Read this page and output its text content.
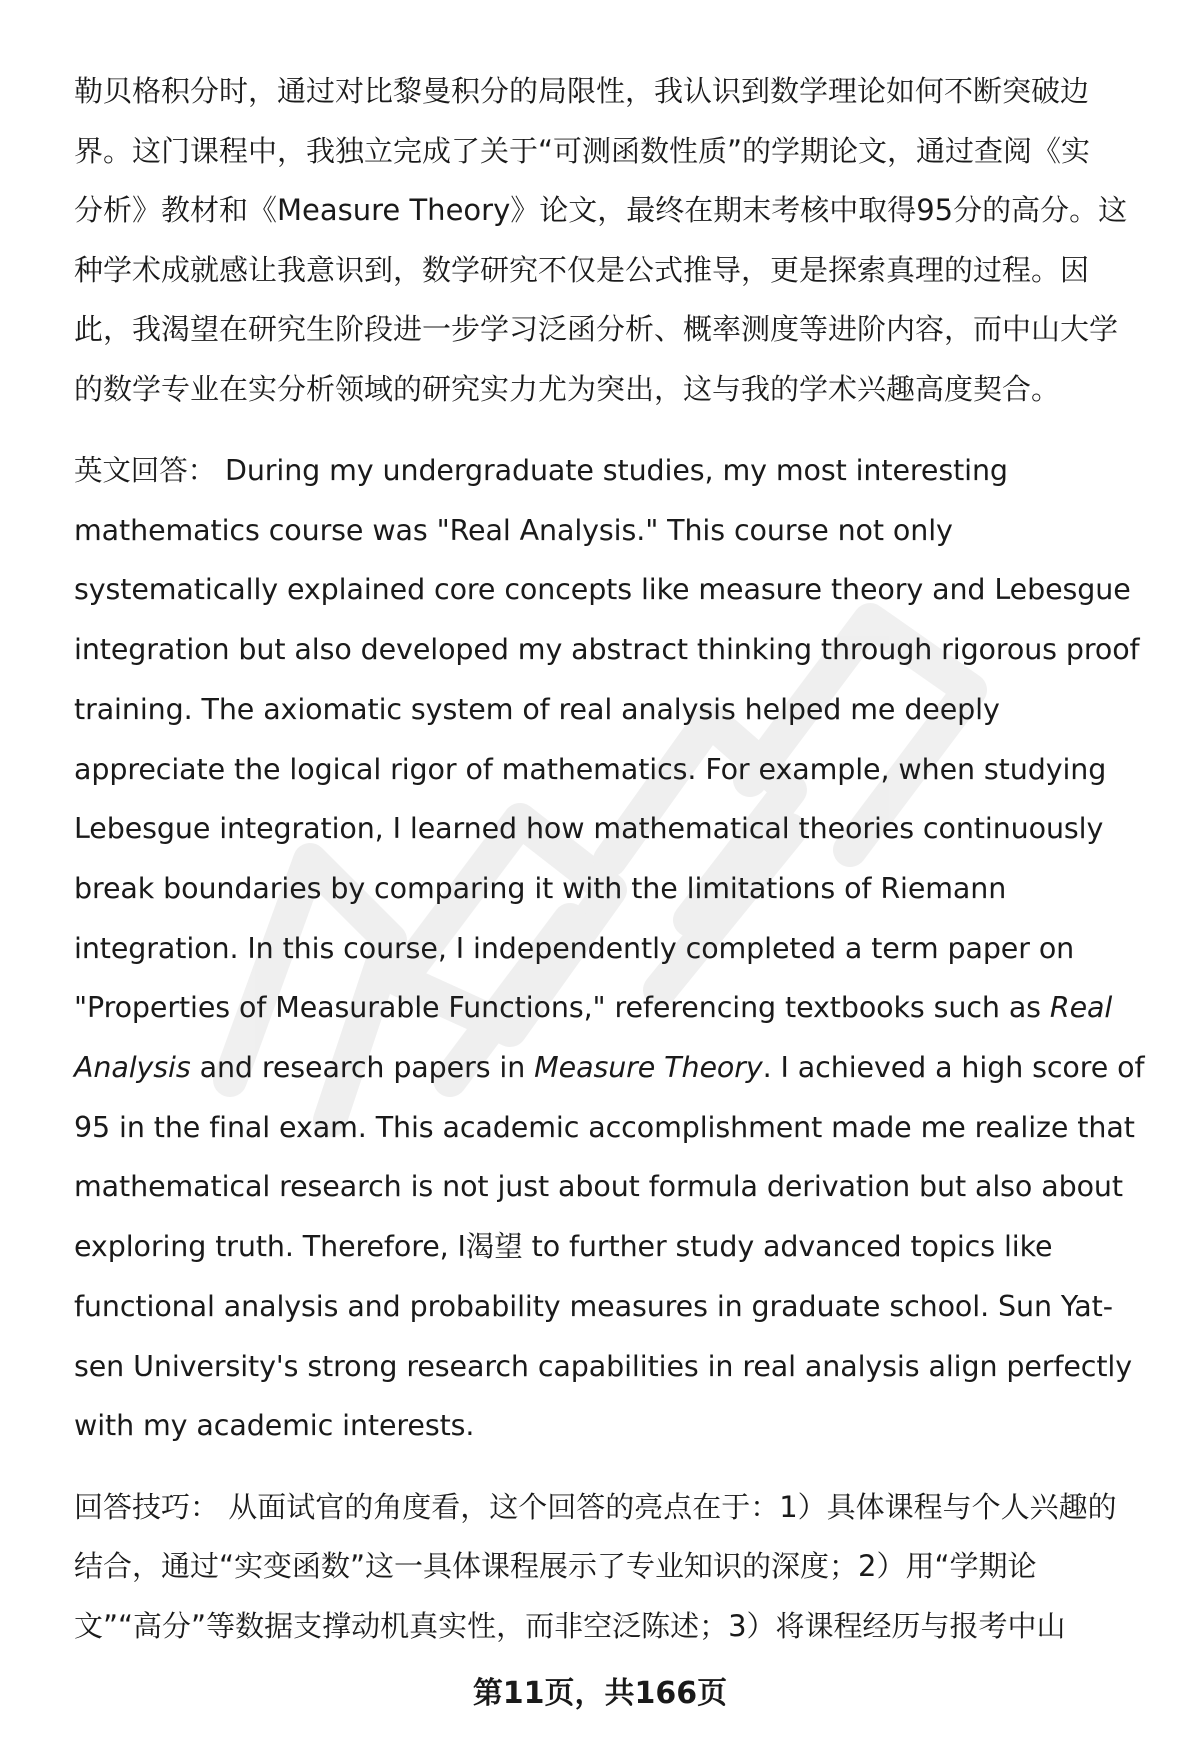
勒贝格积分时，通过对比黎曼积分的局限性，我认识到数学理论如何不断突破边
界。这门课程中，我独立完成了关于“可测函数性质”的学期论文，通过查阅《实
分析》教材和《Measure Theory》论文，最终在期末考核中取得95分的高分。这
种学术成就感让我意识到，数学研究不仅是公式推导，更是探索真理的过程。因
此，我渴望在研究生阶段进一步学习泛函分析、概率测度等进阶内容，而中山大学
的数学专业在实分析领域的研究实力尤为突出，这与我的学术兴趣高度契合。

英文回答： During my undergraduate studies, my most interesting mathematics course was "Real Analysis." This course not only systematically explained core concepts like measure theory and Lebesgue integration but also developed my abstract thinking through rigorous proof training. The axiomatic system of real analysis helped me deeply appreciate the logical rigor of mathematics. For example, when studying Lebesgue integration, I learned how mathematical theories continuously break boundaries by comparing it with the limitations of Riemann integration. In this course, I independently completed a term paper on "Properties of Measurable Functions," referencing textbooks such as Real Analysis and research papers in Measure Theory. I achieved a high score of 95 in the final exam. This academic accomplishment made me realize that mathematical research is not just about formula derivation but also about exploring truth. Therefore, I渴望 to further study advanced topics like functional analysis and probability measures in graduate school. Sun Yat-sen University's strong research capabilities in real analysis align perfectly with my academic interests.

回答技巧： 从面试官的角度看，这个回答的亮点在于：1）具体课程与个人兴趣的
结合，通过“实变函数”这一具体课程展示了专业知识的深度；2）用“学期论
文”“高分”等数据支撑动机真实性，而非空泛陈述；3）将课程经历与报考中山

第11页，共166页
